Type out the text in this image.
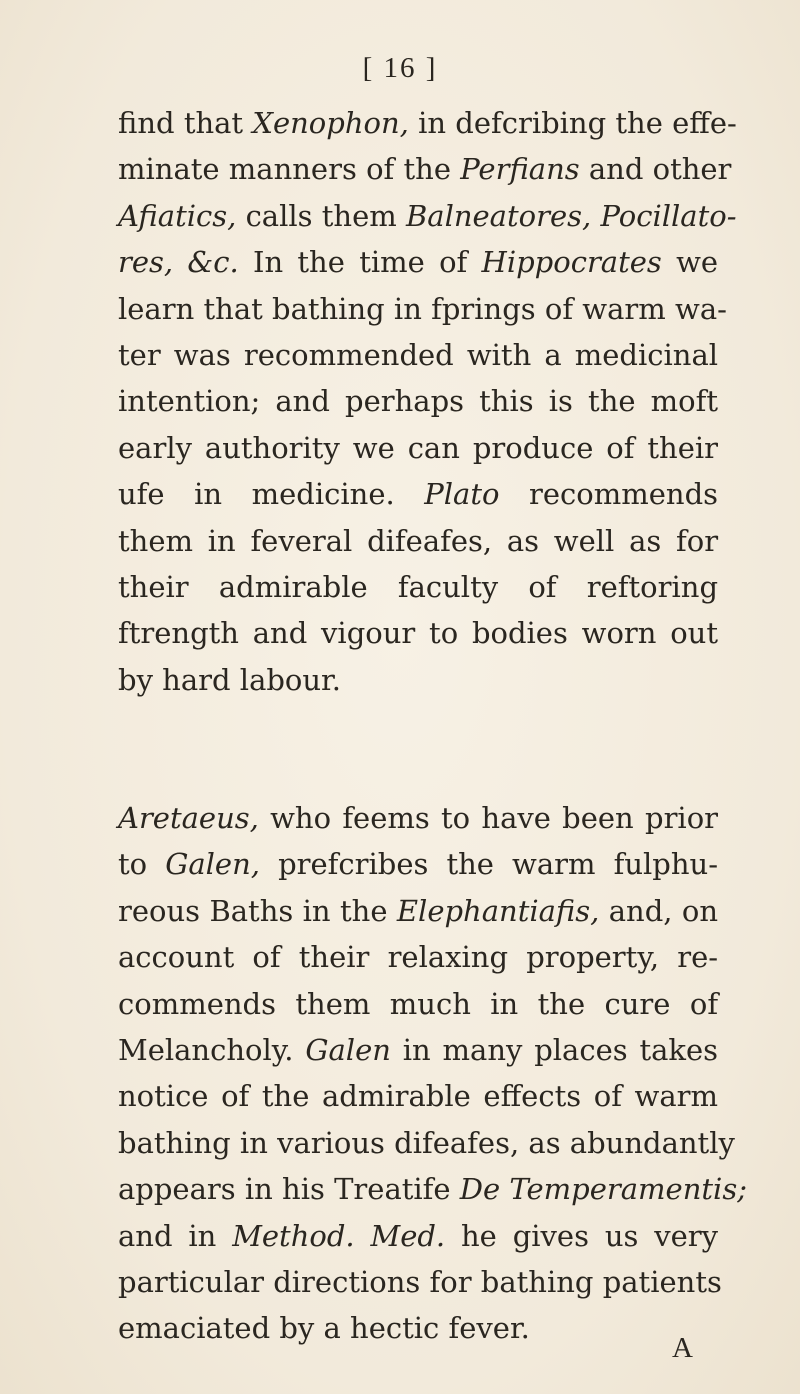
[ 16 ]
find that Xenophon, in defcribing the effe-
minate manners of the Perfians and other
Afiatics, calls them Balneatores, Pocillato-
res, &c. In the time of Hippocrates we
learn that bathing in fprings of warm wa-
ter was recommended with a medicinal
intention; and perhaps this is the moft
early authority we can produce of their
ufe in medicine. Plato recommends
them in feveral difeafes, as well as for
their admirable faculty of reftoring
ftrength and vigour to bodies worn out
by hard labour.
Aretaeus, who feems to have been prior
to Galen, prefcribes the warm fulphu-
reous Baths in the Elephantiafis, and, on
account of their relaxing property, re-
commends them much in the cure of
Melancholy. Galen in many places takes
notice of the admirable effects of warm
bathing in various difeafes, as abundantly
appears in his Treatife De Temperamentis;
and in Method. Med. he gives us very
particular directions for bathing patients
emaciated by a hectic fever.
A
